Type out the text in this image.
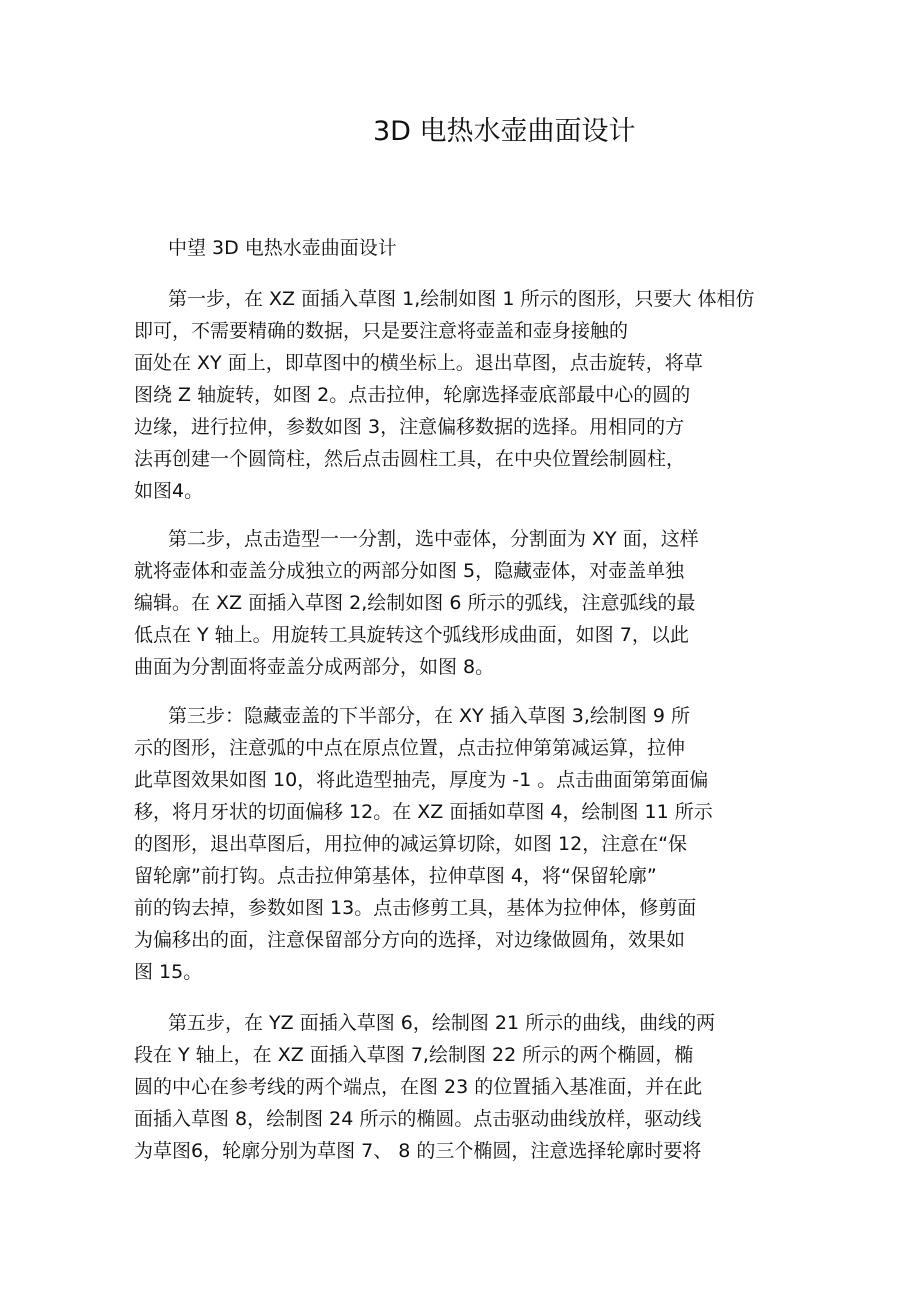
3D 电热水壶曲面设计
中望 3D 电热水壶曲面设计
第一步，在 XZ 面插入草图 1,绘制如图 1 所示的图形，只要大 体相仿
即可，不需要精确的数据，只是要注意将壶盖和壶身接触的
面处在 XY 面上，即草图中的横坐标上。退出草图，点击旋转，将草
图绕 Z 轴旋转，如图 2。点击拉伸，轮廓选择壶底部最中心的圆的
边缘，进行拉伸，参数如图 3，注意偏移数据的选择。用相同的方
法再创建一个圆筒柱，然后点击圆柱工具，在中央位置绘制圆柱，
如图4。
第二步，点击造型一一分割，选中壶体，分割面为 XY 面，这样
就将壶体和壶盖分成独立的两部分如图 5，隐藏壶体，对壶盖单独
编辑。在 XZ 面插入草图 2,绘制如图 6 所示的弧线，注意弧线的最
低点在 Y 轴上。用旋转工具旋转这个弧线形成曲面，如图 7，以此
曲面为分割面将壶盖分成两部分，如图 8。
第三步：隐藏壶盖的下半部分，在 XY 插入草图 3,绘制图 9 所
示的图形，注意弧的中点在原点位置，点击拉伸第第减运算，拉伸
此草图效果如图 10，将此造型抽壳，厚度为 -1 。点击曲面第第面偏
移，将月牙状的切面偏移 12。在 XZ 面插如草图 4，绘制图 11 所示
的图形，退出草图后，用拉伸的减运算切除，如图 12，注意在“保
留轮廓”前打钩。点击拉伸第基体，拉伸草图 4，将“保留轮廓”
前的钩去掉，参数如图 13。点击修剪工具，基体为拉伸体，修剪面
为偏移出的面，注意保留部分方向的选择，对边缘做圆角，效果如
图 15。
第五步，在 YZ 面插入草图 6，绘制图 21 所示的曲线，曲线的两
段在 Y 轴上，在 XZ 面插入草图 7,绘制图 22 所示的两个椭圆，椭
圆的中心在参考线的两个端点，在图 23 的位置插入基准面，并在此
面插入草图 8，绘制图 24 所示的椭圆。点击驱动曲线放样，驱动线
为草图6，轮廓分别为草图 7、 8 的三个椭圆，注意选择轮廓时要将
